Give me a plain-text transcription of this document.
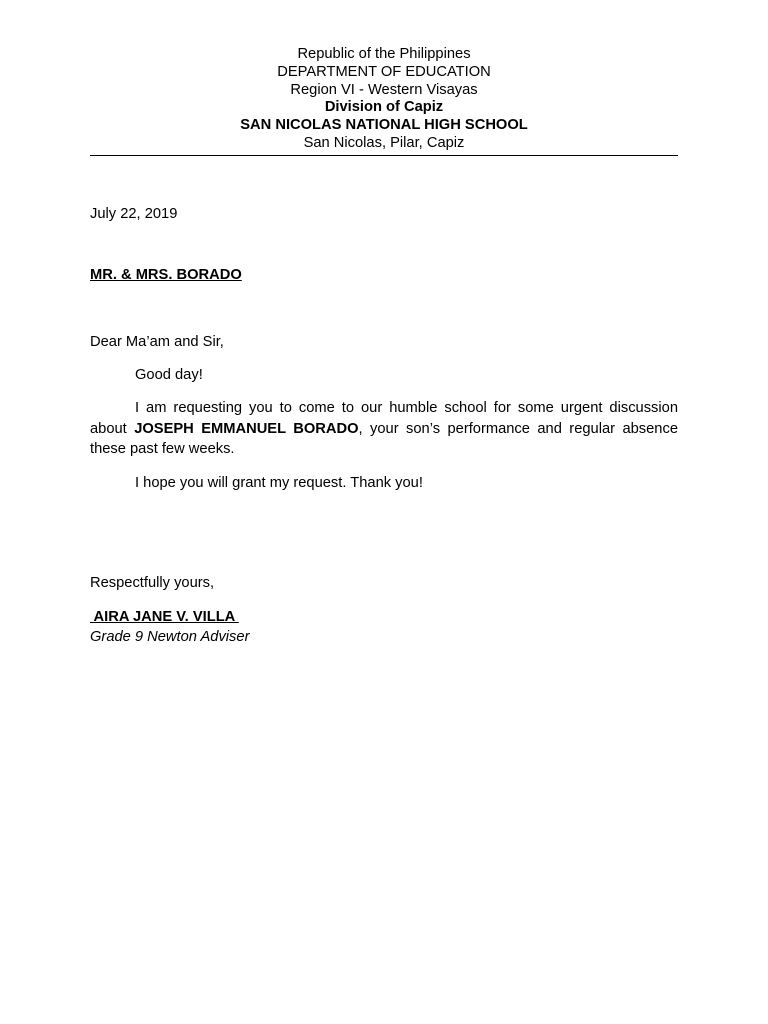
Republic of the Philippines
DEPARTMENT OF EDUCATION
Region VI - Western Visayas
Division of Capiz
SAN NICOLAS NATIONAL HIGH SCHOOL
San Nicolas, Pilar, Capiz
July 22, 2019
MR. & MRS. BORADO
Dear Ma’am and Sir,
Good day!
I am requesting you to come to our humble school for some urgent discussion about JOSEPH EMMANUEL BORADO, your son’s performance and regular absence these past few weeks.
I hope you will grant my request. Thank you!
Respectfully yours,
AIRA JANE V. VILLA
Grade 9 Newton Adviser
